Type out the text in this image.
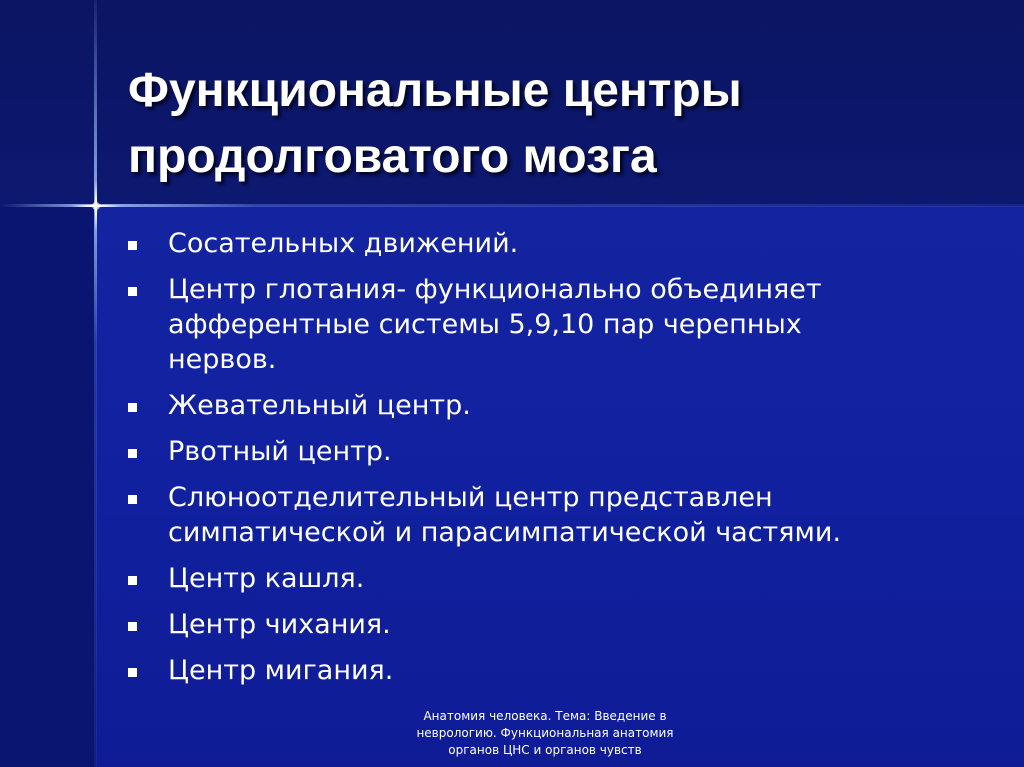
Функциональные центры
продолговатого мозга
Сосательных движений.
Центр глотания- функционально объединяет
афферентные системы 5,9,10 пар черепных
нервов.
Жевательный центр.
Рвотный центр.
Слюноотделительный центр представлен
симпатической и парасимпатической частями.
Центр кашля.
Центр чихания.
Центр мигания.

Анатомия человека. Тема: Введение в
неврологию. Функциональная анатомия
органов ЦНС и органов чувств
